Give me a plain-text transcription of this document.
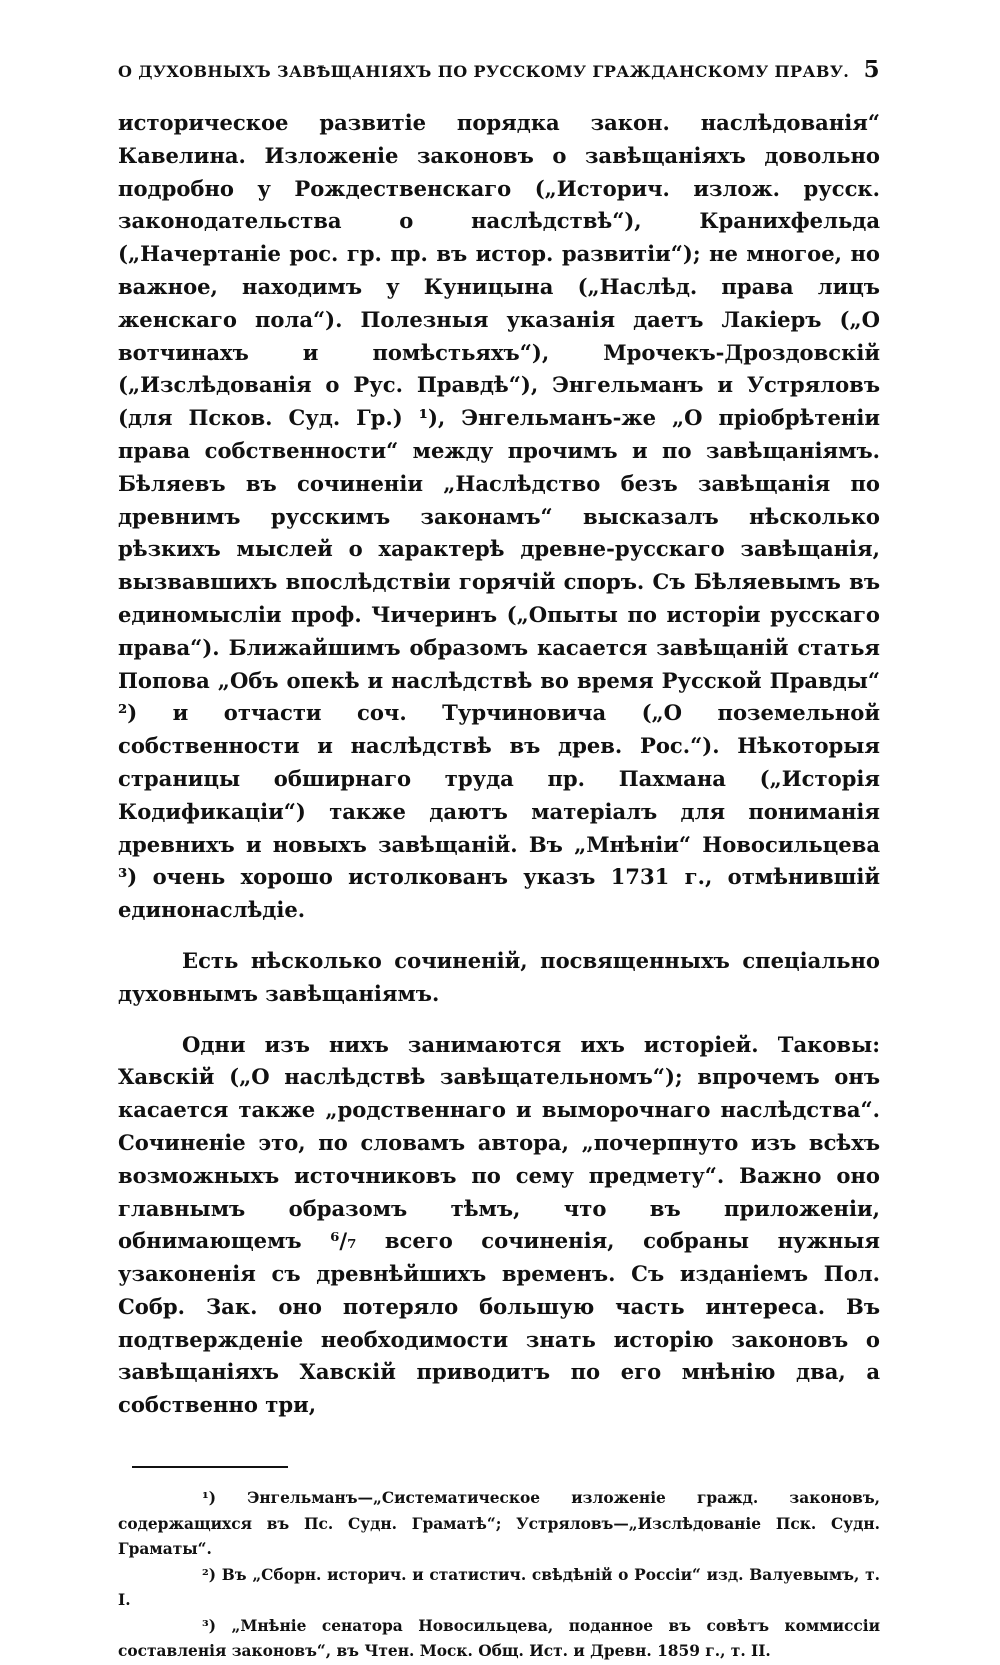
О ДУХОВНЫХЪ ЗАВѢЩАНІЯХЪ ПО РУССКОМУ ГРАЖДАНСКОМУ ПРАВУ. 5

историческое развитіе порядка закон. наслѣдованія“ Кавелина. Изложеніе законовъ о завѣщаніяхъ довольно подробно у Рождественскаго („Историч. излож. русск. законодательства о наслѣдствѣ“), Кранихфельда („Начертаніе рос. гр. пр. въ истор. развитіи“); не многое, но важное, находимъ у Куницына („Наслѣд. права лицъ женскаго пола“). Полезныя указанія даетъ Лакіеръ („О вотчинахъ и помѣстьяхъ“), Мрочекъ-Дроздовскій („Изслѣдованія о Рус. Правдѣ“), Энгельманъ и Устряловъ (для Псков. Суд. Гр.) ¹), Энгельманъ-же „О пріобрѣтеніи права собственности“ между прочимъ и по завѣщаніямъ. Бѣляевъ въ сочиненіи „Наслѣдство безъ завѣщанія по древнимъ русскимъ законамъ“ высказалъ нѣсколько рѣзкихъ мыслей о характерѣ древне-русскаго завѣщанія, вызвавшихъ впослѣдствіи горячій споръ. Съ Бѣляевымъ въ единомысліи проф. Чичеринъ („Опыты по исторіи русскаго права“). Ближайшимъ образомъ касается завѣщаній статья Попова „Объ опекѣ и наслѣдствѣ во время Русской Правды“ ²) и отчасти соч. Турчиновича („О поземельной собственности и наслѣдствѣ въ древ. Рос.“). Нѣкоторыя страницы обширнаго труда пр. Пахмана („Исторія Кодификаціи“) также даютъ матеріалъ для пониманія древнихъ и новыхъ завѣщаній. Въ „Мнѣніи“ Новосильцева ³) очень хорошо истолкованъ указъ 1731 г., отмѣнившій единонаслѣдіе.

Есть нѣсколько сочиненій, посвященныхъ спеціально духовнымъ завѣщаніямъ.

Одни изъ нихъ занимаются ихъ исторіей. Таковы: Хавскій („О наслѣдствѣ завѣщательномъ“); впрочемъ онъ касается также „родственнаго и выморочнаго наслѣдства“. Сочиненіе это, по словамъ автора, „почерпнуто изъ всѣхъ возможныхъ источниковъ по сему предмету“. Важно оно главнымъ образомъ тѣмъ, что въ приложеніи, обнимающемъ ⁶/₇ всего сочиненія, собраны нужныя узаконенія съ древнѣйшихъ временъ. Съ изданіемъ Пол. Собр. Зак. оно потеряло большую часть интереса. Въ подтвержденіе необходимости знать исторію законовъ о завѣщаніяхъ Хавскій приводитъ по его мнѣнію два, а собственно три,

¹) Энгельманъ—„Систематическое изложеніе гражд. законовъ, содержащихся въ Пс. Судн. Граматѣ“; Устряловъ—„Изслѣдованіе Пск. Судн. Граматы“.

²) Въ „Сборн. историч. и статистич. свѣдѣній о Россіи“ изд. Валуевымъ, т. I.

³) „Мнѣніе сенатора Новосильцева, поданное въ совѣтъ коммиссіи составленія законовъ“, въ Чтен. Моск. Общ. Ист. и Древн. 1859 г., т. II.
